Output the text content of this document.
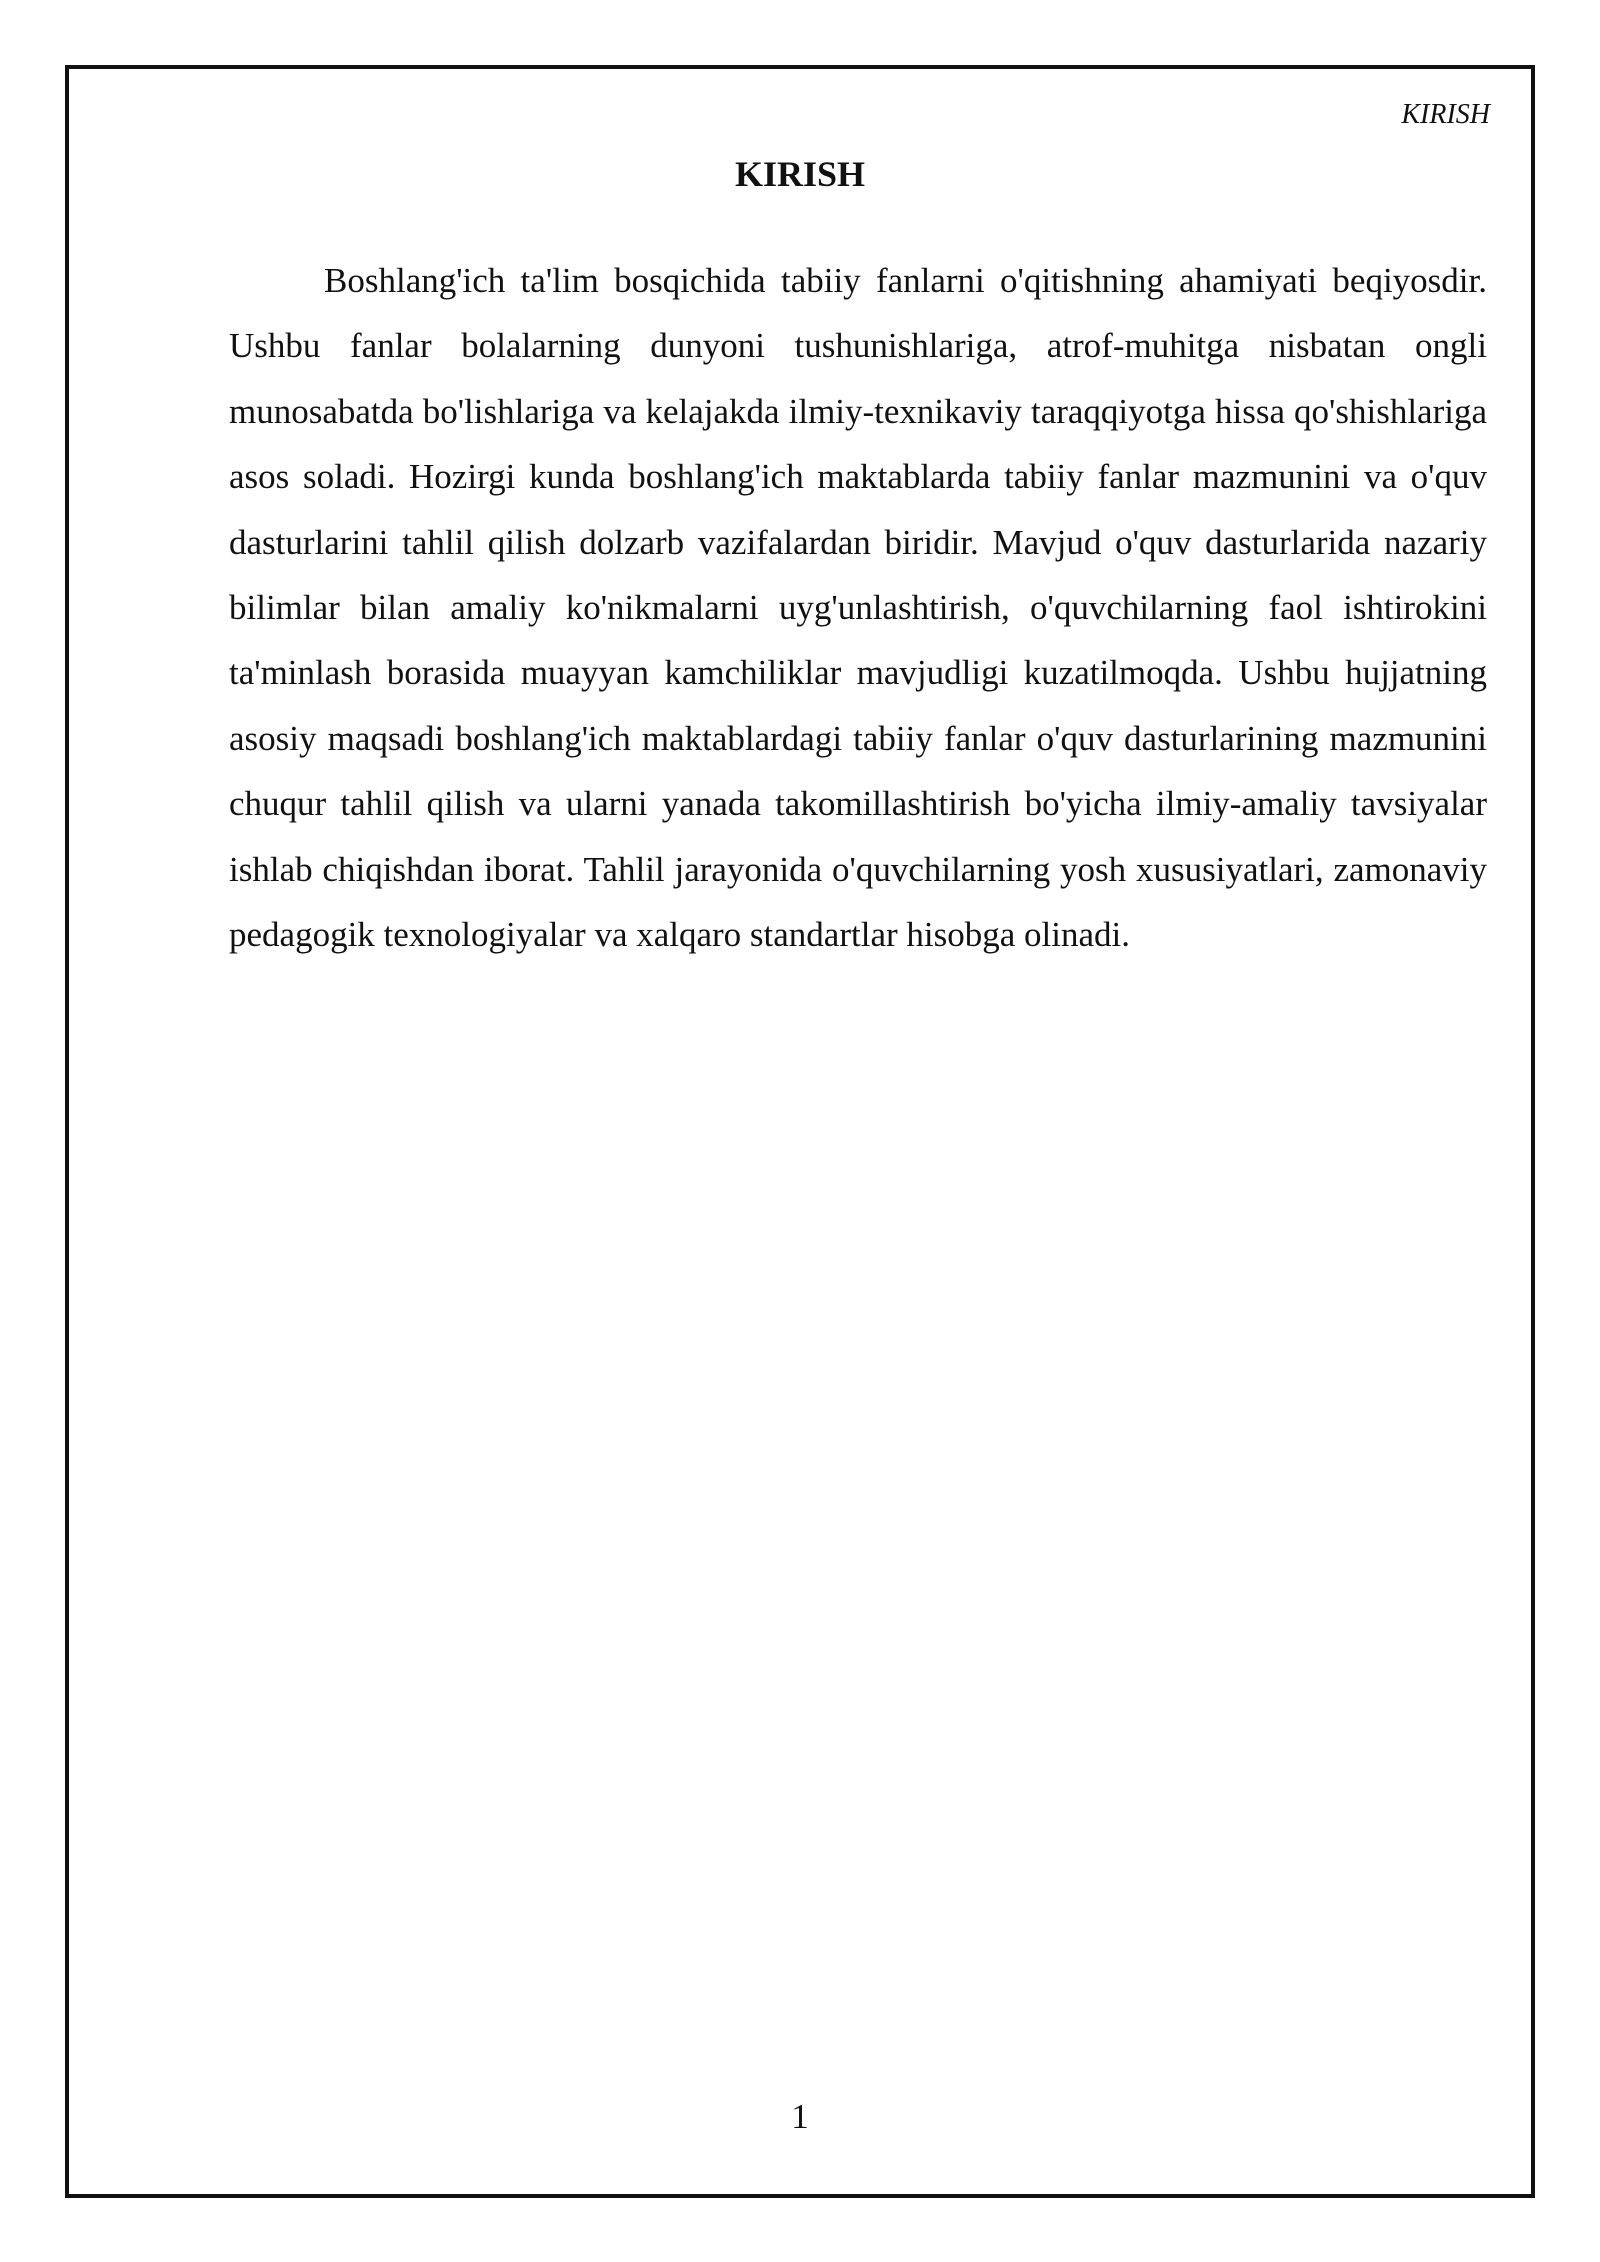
KIRISH
KIRISH

Boshlang'ich ta'lim bosqichida tabiiy fanlarni o'qitishning ahamiyati beqiyosdir. Ushbu fanlar bolalarning dunyoni tushunishlariga, atrof-muhitga nisbatan ongli munosabatda bo'lishlariga va kelajakda ilmiy-texnikaviy taraqqiyotga hissa qo'shishlariga asos soladi. Hozirgi kunda boshlang'ich maktablarda tabiiy fanlar mazmunini va o'quv dasturlarini tahlil qilish dolzarb vazifalardan biridir. Mavjud o'quv dasturlarida nazariy bilimlar bilan amaliy ko'nikmalarni uyg'unlashtirish, o'quvchilarning faol ishtirokini ta'minlash borasida muayyan kamchiliklar mavjudligi kuzatilmoqda. Ushbu hujjatning asosiy maqsadi boshlang'ich maktablardagi tabiiy fanlar o'quv dasturlarining mazmunini chuqur tahlil qilish va ularni yanada takomillashtirish bo'yicha ilmiy-amaliy tavsiyalar ishlab chiqishdan iborat. Tahlil jarayonida o'quvchilarning yosh xususiyatlari, zamonaviy pedagogik texnologiyalar va xalqaro standartlar hisobga olinadi.

1
